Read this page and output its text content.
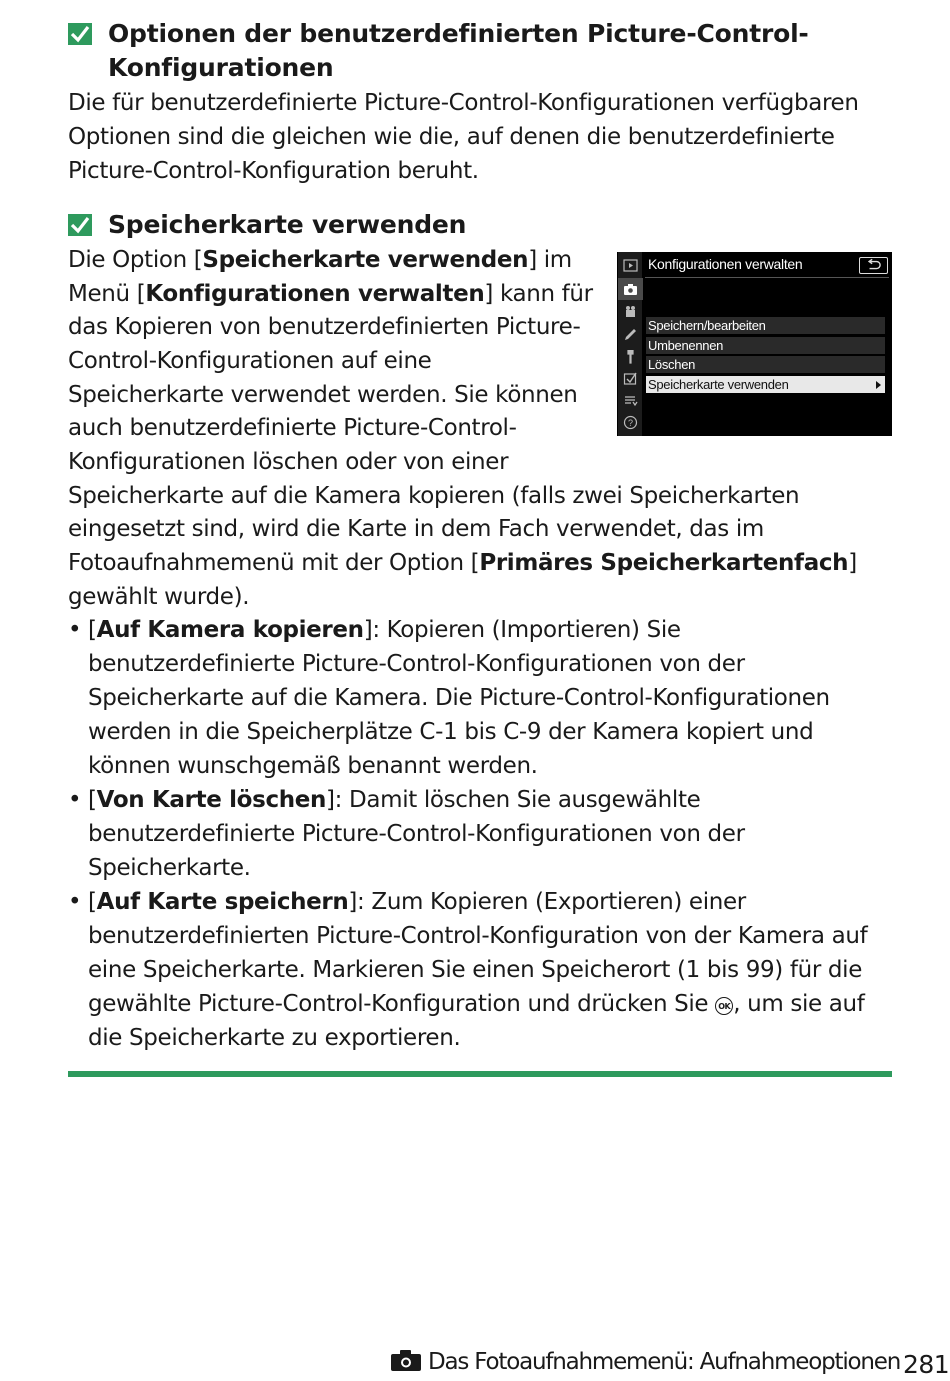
Optionen der benutzerdefinierten Picture-Control-
Konfigurationen
Die für benutzerdefinierte Picture-Control-Konfigurationen verfügbaren Optionen sind die gleichen wie die, auf denen die benutzerdefinierte Picture-Control-Konfiguration beruht.
Speicherkarte verwenden
Die Option [Speicherkarte verwenden] im
Menü [Konfigurationen verwalten] kann für
das Kopieren von benutzerdefinierten Picture-
Control-Konfigurationen auf eine
Speicherkarte verwendet werden. Sie können
auch benutzerdefinierte Picture-Control-
Konfigurationen löschen oder von einer
Speicherkarte auf die Kamera kopieren (falls zwei Speicherkarten
eingesetzt sind, wird die Karte in dem Fach verwendet, das im
Fotoaufnahmemenü mit der Option [Primäres Speicherkartenfach]
gewählt wurde).
• [Auf Kamera kopieren]: Kopieren (Importieren) Sie benutzerdefinierte Picture-Control-Konfigurationen von der Speicherkarte auf die Kamera. Die Picture-Control-Konfigurationen werden in die Speicherplätze C-1 bis C-9 der Kamera kopiert und können wunschgemäß benannt werden.
• [Von Karte löschen]: Damit löschen Sie ausgewählte benutzerdefinierte Picture-Control-Konfigurationen von der Speicherkarte.
• [Auf Karte speichern]: Zum Kopieren (Exportieren) einer benutzerdefinierten Picture-Control-Konfiguration von der Kamera auf eine Speicherkarte. Markieren Sie einen Speicherort (1 bis 99) für die gewählte Picture-Control-Konfiguration und drücken Sie OK , um sie auf die Speicherkarte zu exportieren.
?
Konfigurationen verwalten
Speichern/bearbeiten
Umbenennen
Löschen
Speicherkarte verwenden
Das Fotoaufnahmemenü: Aufnahmeoptionen 281
